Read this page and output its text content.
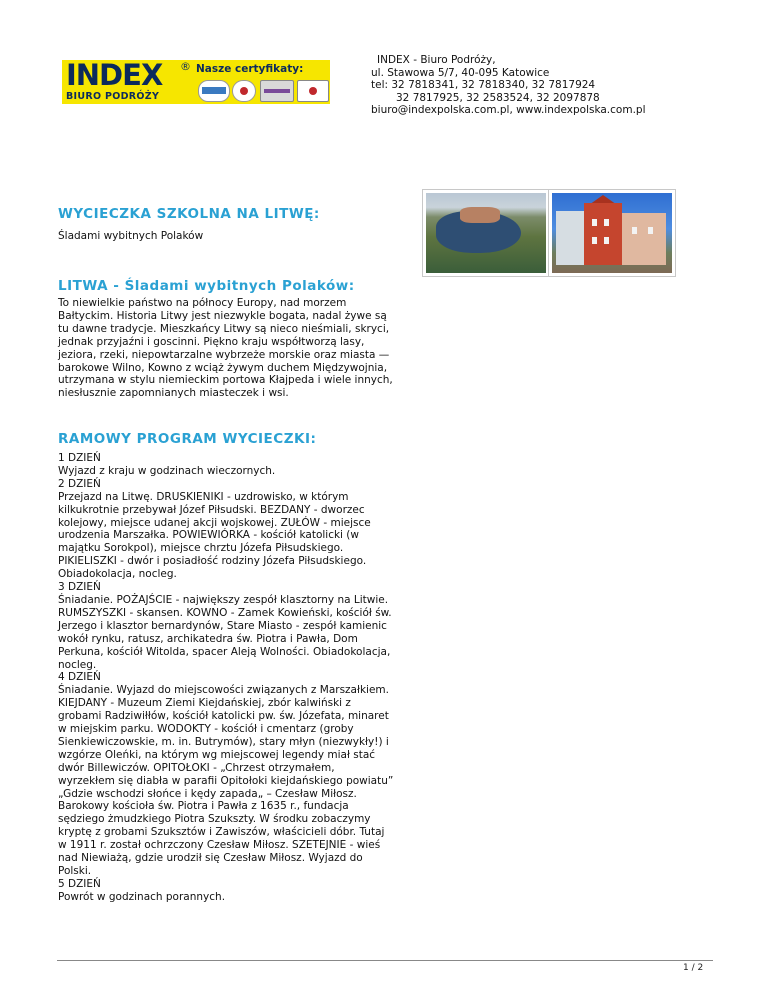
INDEX
BIURO PODRÓŻY
® Nasze certyfikaty:
INDEX - Biuro Podróży,
ul. Stawowa 5/7, 40-095 Katowice
tel: 32 7818341, 32 7818340, 32 7817924
32 7817925, 32 2583524, 32 2097878
biuro@indexpolska.com.pl, www.indexpolska.com.pl
WYCIECZKA SZKOLNA NA LITWĘ:
Śladami wybitnych Polaków
LITWA - Śladami wybitnych Polaków:
To niewielkie państwo na północy Europy, nad morzem
Bałtyckim. Historia Litwy jest niezwykle bogata, nadal żywe są
tu dawne tradycje. Mieszkańcy Litwy są nieco nieśmiali, skryci,
jednak przyjaźni i goscinni. Piękno kraju współtworzą lasy,
jeziora, rzeki, niepowtarzalne wybrzeże morskie oraz miasta —
barokowe Wilno, Kowno z wciąż żywym duchem Międzywojnia,
utrzymana w stylu niemieckim portowa Kłajpeda i wiele innych,
niesłusznie zapomnianych miasteczek i wsi.
RAMOWY PROGRAM WYCIECZKI:
1 DZIEŃ
Wyjazd z kraju w godzinach wieczornych.
2 DZIEŃ
Przejazd na Litwę. DRUSKIENIKI - uzdrowisko, w którym
kilkukrotnie przebywał Józef Piłsudski. BEZDANY - dworzec
kolejowy, miejsce udanej akcji wojskowej. ZUŁÓW - miejsce
urodzenia Marszałka. POWIEWIÓRKA - kościół katolicki (w
majątku Sorokpol), miejsce chrztu Józefa Piłsudskiego.
PIKIELISZKI - dwór i posiadłość rodziny Józefa Piłsudskiego.
Obiadokolacja, nocleg.
3 DZIEŃ
Śniadanie. POŻAJŚCIE - największy zespół klasztorny na Litwie.
RUMSZYSZKI - skansen. KOWNO - Zamek Kowieński, kościół św.
Jerzego i klasztor bernardynów, Stare Miasto - zespół kamienic
wokół rynku, ratusz, archikatedra św. Piotra i Pawła, Dom
Perkuna, kościół Witolda, spacer Aleją Wolności. Obiadokolacja,
nocleg.
4 DZIEŃ
Śniadanie. Wyjazd do miejscowości związanych z Marszałkiem.
KIEJDANY - Muzeum Ziemi Kiejdańskiej, zbór kalwiński z
grobami Radziwiłłów, kościół katolicki pw. św. Józefata, minaret
w miejskim parku. WODOKTY - kościół i cmentarz (groby
Sienkiewiczowskie, m. in. Butrymów), stary młyn (niezwykły!) i
wzgórze Oleńki, na którym wg miejscowej legendy miał stać
dwór Billewiczów. OPITOŁOKI - „Chrzest otrzymałem,
wyrzekłem się diabła w parafii Opitołoki kiejdańskiego powiatu”
„Gdzie wschodzi słońce i kędy zapada„ – Czesław Miłosz.
Barokowy kościoła św. Piotra i Pawła z 1635 r., fundacja
sędziego żmudzkiego Piotra Szukszty. W środku zobaczymy
kryptę z grobami Szuksztów i Zawiszów, właścicieli dóbr. Tutaj
w 1911 r. został ochrzczony Czesław Miłosz. SZETEJNIE - wieś
nad Niewiażą, gdzie urodził się Czesław Miłosz. Wyjazd do
Polski.
5 DZIEŃ
Powrót w godzinach porannych.
1 / 2
